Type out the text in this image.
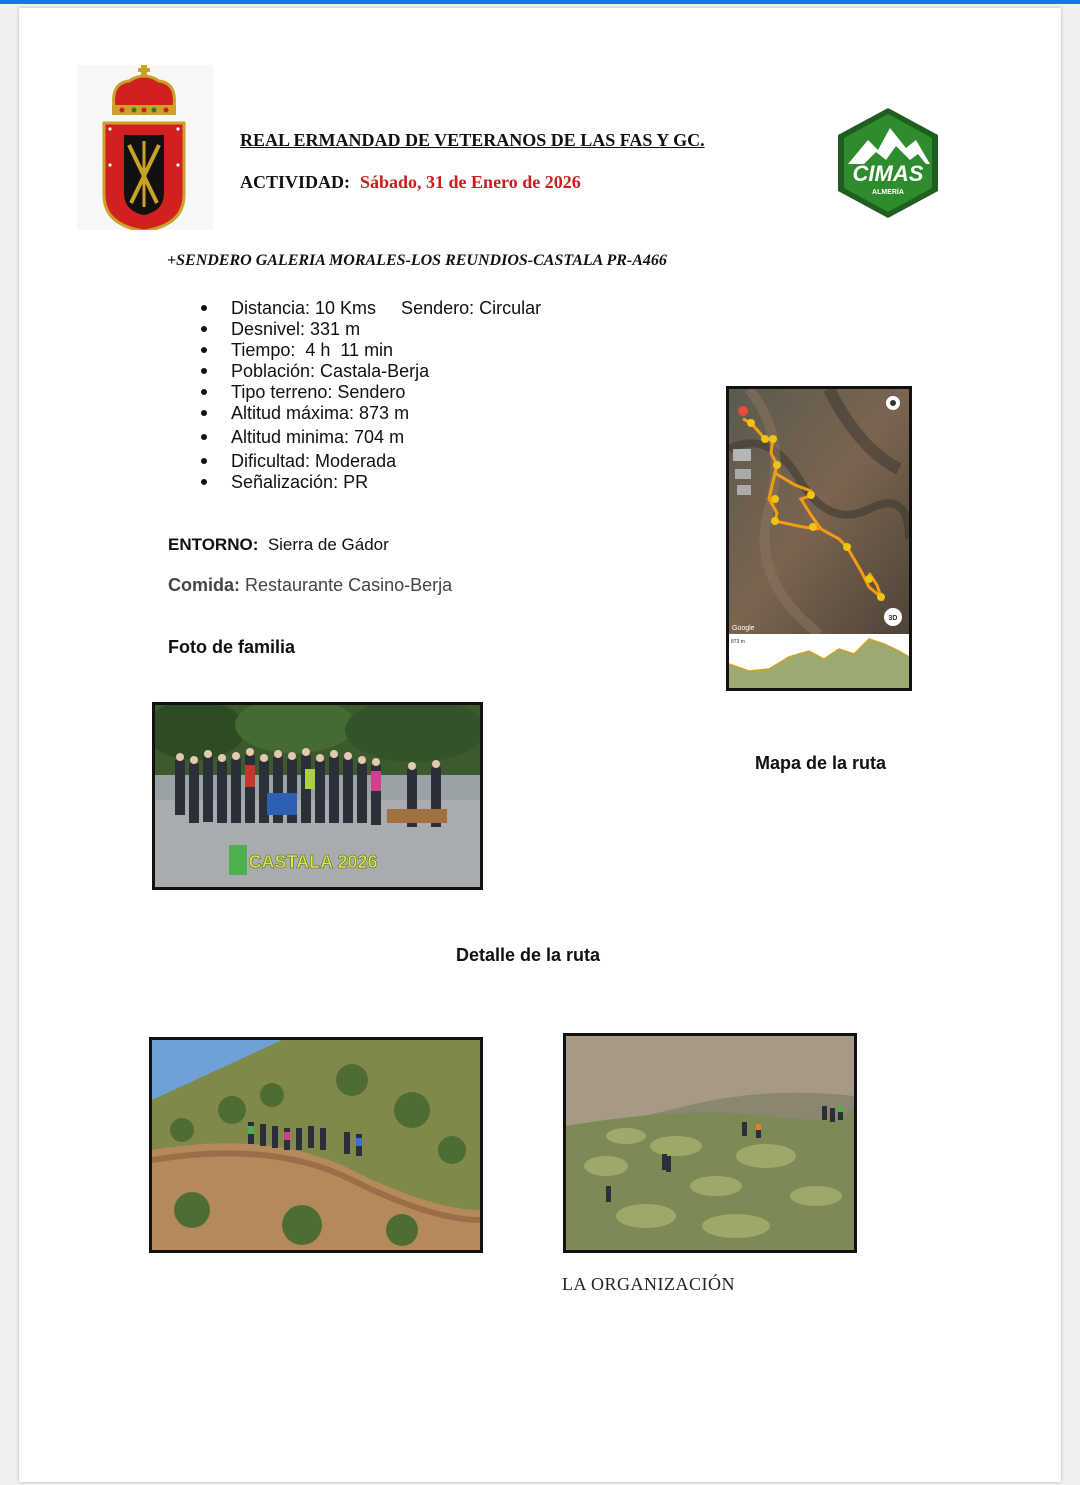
REAL ERMANDAD DE VETERANOS DE LAS FAS Y GC.
ACTIVIDAD: Sábado, 31 de Enero de 2026	CIMAS
ALMERÍA
+SENDERO GALERIA MORALES-LOS REUNDIOS-CASTALA PR-A466
Distancia: 10 Kms     Sendero: Circular
Desnivel: 331 m
Tiempo:  4 h  11 min
Población: Castala-Berja
Tipo terreno: Sendero
Altitud máxima: 873 m
Altitud minima: 704 m
Dificultad: Moderada
Señalización: PR
ENTORNO: Sierra de Gádor
Comida: Restaurante Casino-Berja
Foto de familia
3D
Google
873 m
Mapa de la ruta
CASTALA 2026
Detalle de la ruta
LA ORGANIZACIÓN
